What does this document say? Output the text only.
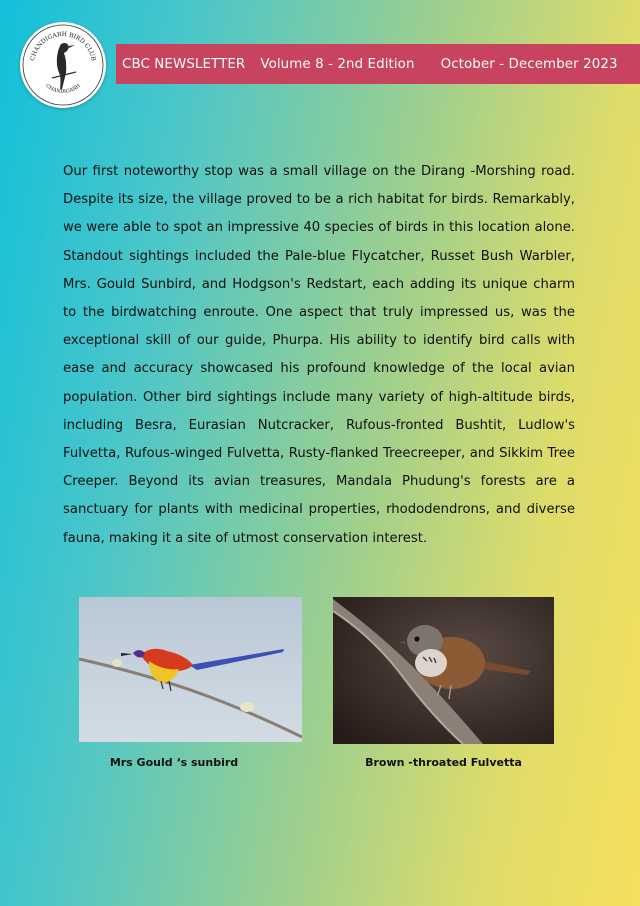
CHANDIGARH BIRD CLUB
CHANDIGARH
CBC NEWSLETTER Volume 8 - 2nd Edition October - December 2023

Our first noteworthy stop was a small village on the Dirang -Morshing road. Despite its size, the village proved to be a rich habitat for birds. Remarkably, we were able to spot an impressive 40 species of birds in this location alone. Standout sightings included the Pale-blue Flycatcher, Russet Bush Warbler, Mrs. Gould Sunbird, and Hodgson's Redstart, each adding its unique charm to the birdwatching enroute. One aspect that truly impressed us, was the exceptional skill of our guide, Phurpa. His ability to identify bird calls with ease and accuracy showcased his profound knowledge of the local avian population. Other bird sightings include many variety of high-altitude birds, including Besra, Eurasian Nutcracker, Rufous-fronted Bushtit, Ludlow's Fulvetta, Rufous-winged Fulvetta, Rusty-flanked Treecreeper, and Sikkim Tree Creeper. Beyond its avian treasures, Mandala Phudung's forests are a sanctuary for plants with medicinal properties, rhododendrons, and diverse fauna, making it a site of utmost conservation interest.

Mrs Gould ‘s sunbird	Brown -throated Fulvetta
